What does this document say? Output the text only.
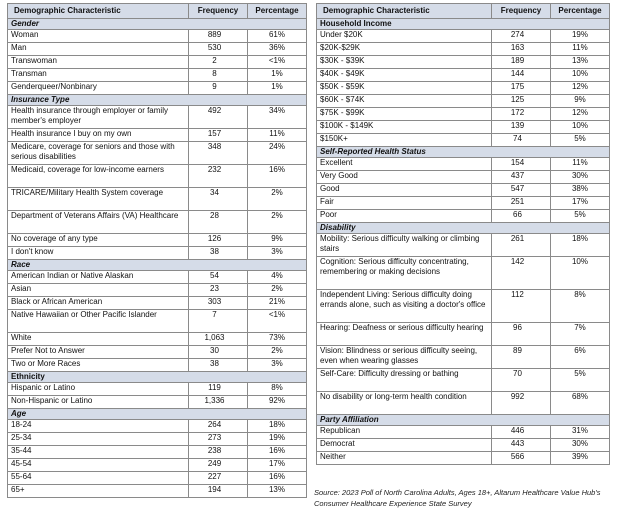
Demographic Characteristic	Frequency	Percentage
Gender		
Woman	889	61%
Man	530	36%
Transwoman	2	<1%
Transman	8	1%
Genderqueer/Nonbinary	9	1%
Insurance Type		
Health insurance through employer or family member's employer	492	34%
Health insurance I buy on my own	157	11%
Medicare, coverage for seniors and those with serious disabilities	348	24%
Medicaid, coverage for low-income earners	232	16%
TRICARE/Military Health System coverage	34	2%
Department of Veterans Affairs (VA) Healthcare	28	2%
No coverage of any type	126	9%
I don't know	38	3%
Race		
American Indian or Native Alaskan	54	4%
Asian	23	2%
Black or African American	303	21%
Native Hawaiian or Other Pacific Islander	7	<1%
White	1,063	73%
Prefer Not to Answer	30	2%
Two or More Races	38	3%
Ethnicity		
Hispanic or Latino	119	8%
Non-Hispanic or Latino	1,336	92%
Age		
18-24	264	18%
25-34	273	19%
35-44	238	16%
45-54	249	17%
55-64	227	16%
65+	194	13%
Demographic Characteristic	Frequency	Percentage
Household Income		
Under $20K	274	19%
$20K-$29K	163	11%
$30K - $39K	189	13%
$40K - $49K	144	10%
$50K - $59K	175	12%
$60K - $74K	125	9%
$75K - $99K	172	12%
$100K - $149K	139	10%
$150K+	74	5%
Self-Reported Health Status		
Excellent	154	11%
Very Good	437	30%
Good	547	38%
Fair	251	17%
Poor	66	5%
Disability		
Mobility: Serious difficulty walking or climbing stairs	261	18%
Cognition: Serious difficulty concentrating, remembering or making decisions	142	10%
Independent Living: Serious difficulty doing errands alone, such as visiting a doctor's office	112	8%
Hearing: Deafness or serious difficulty hearing	96	7%
Vision: Blindness or serious difficulty seeing, even when wearing glasses	89	6%
Self-Care: Difficulty dressing or bathing	70	5%
No disability or long-term health condition	992	68%
Party Affiliation		
Republican	446	31%
Democrat	443	30%
Neither	566	39%
Source: 2023 Poll of North Carolina Adults, Ages 18+, Altarum Healthcare Value Hub's Consumer Healthcare Experience State Survey
